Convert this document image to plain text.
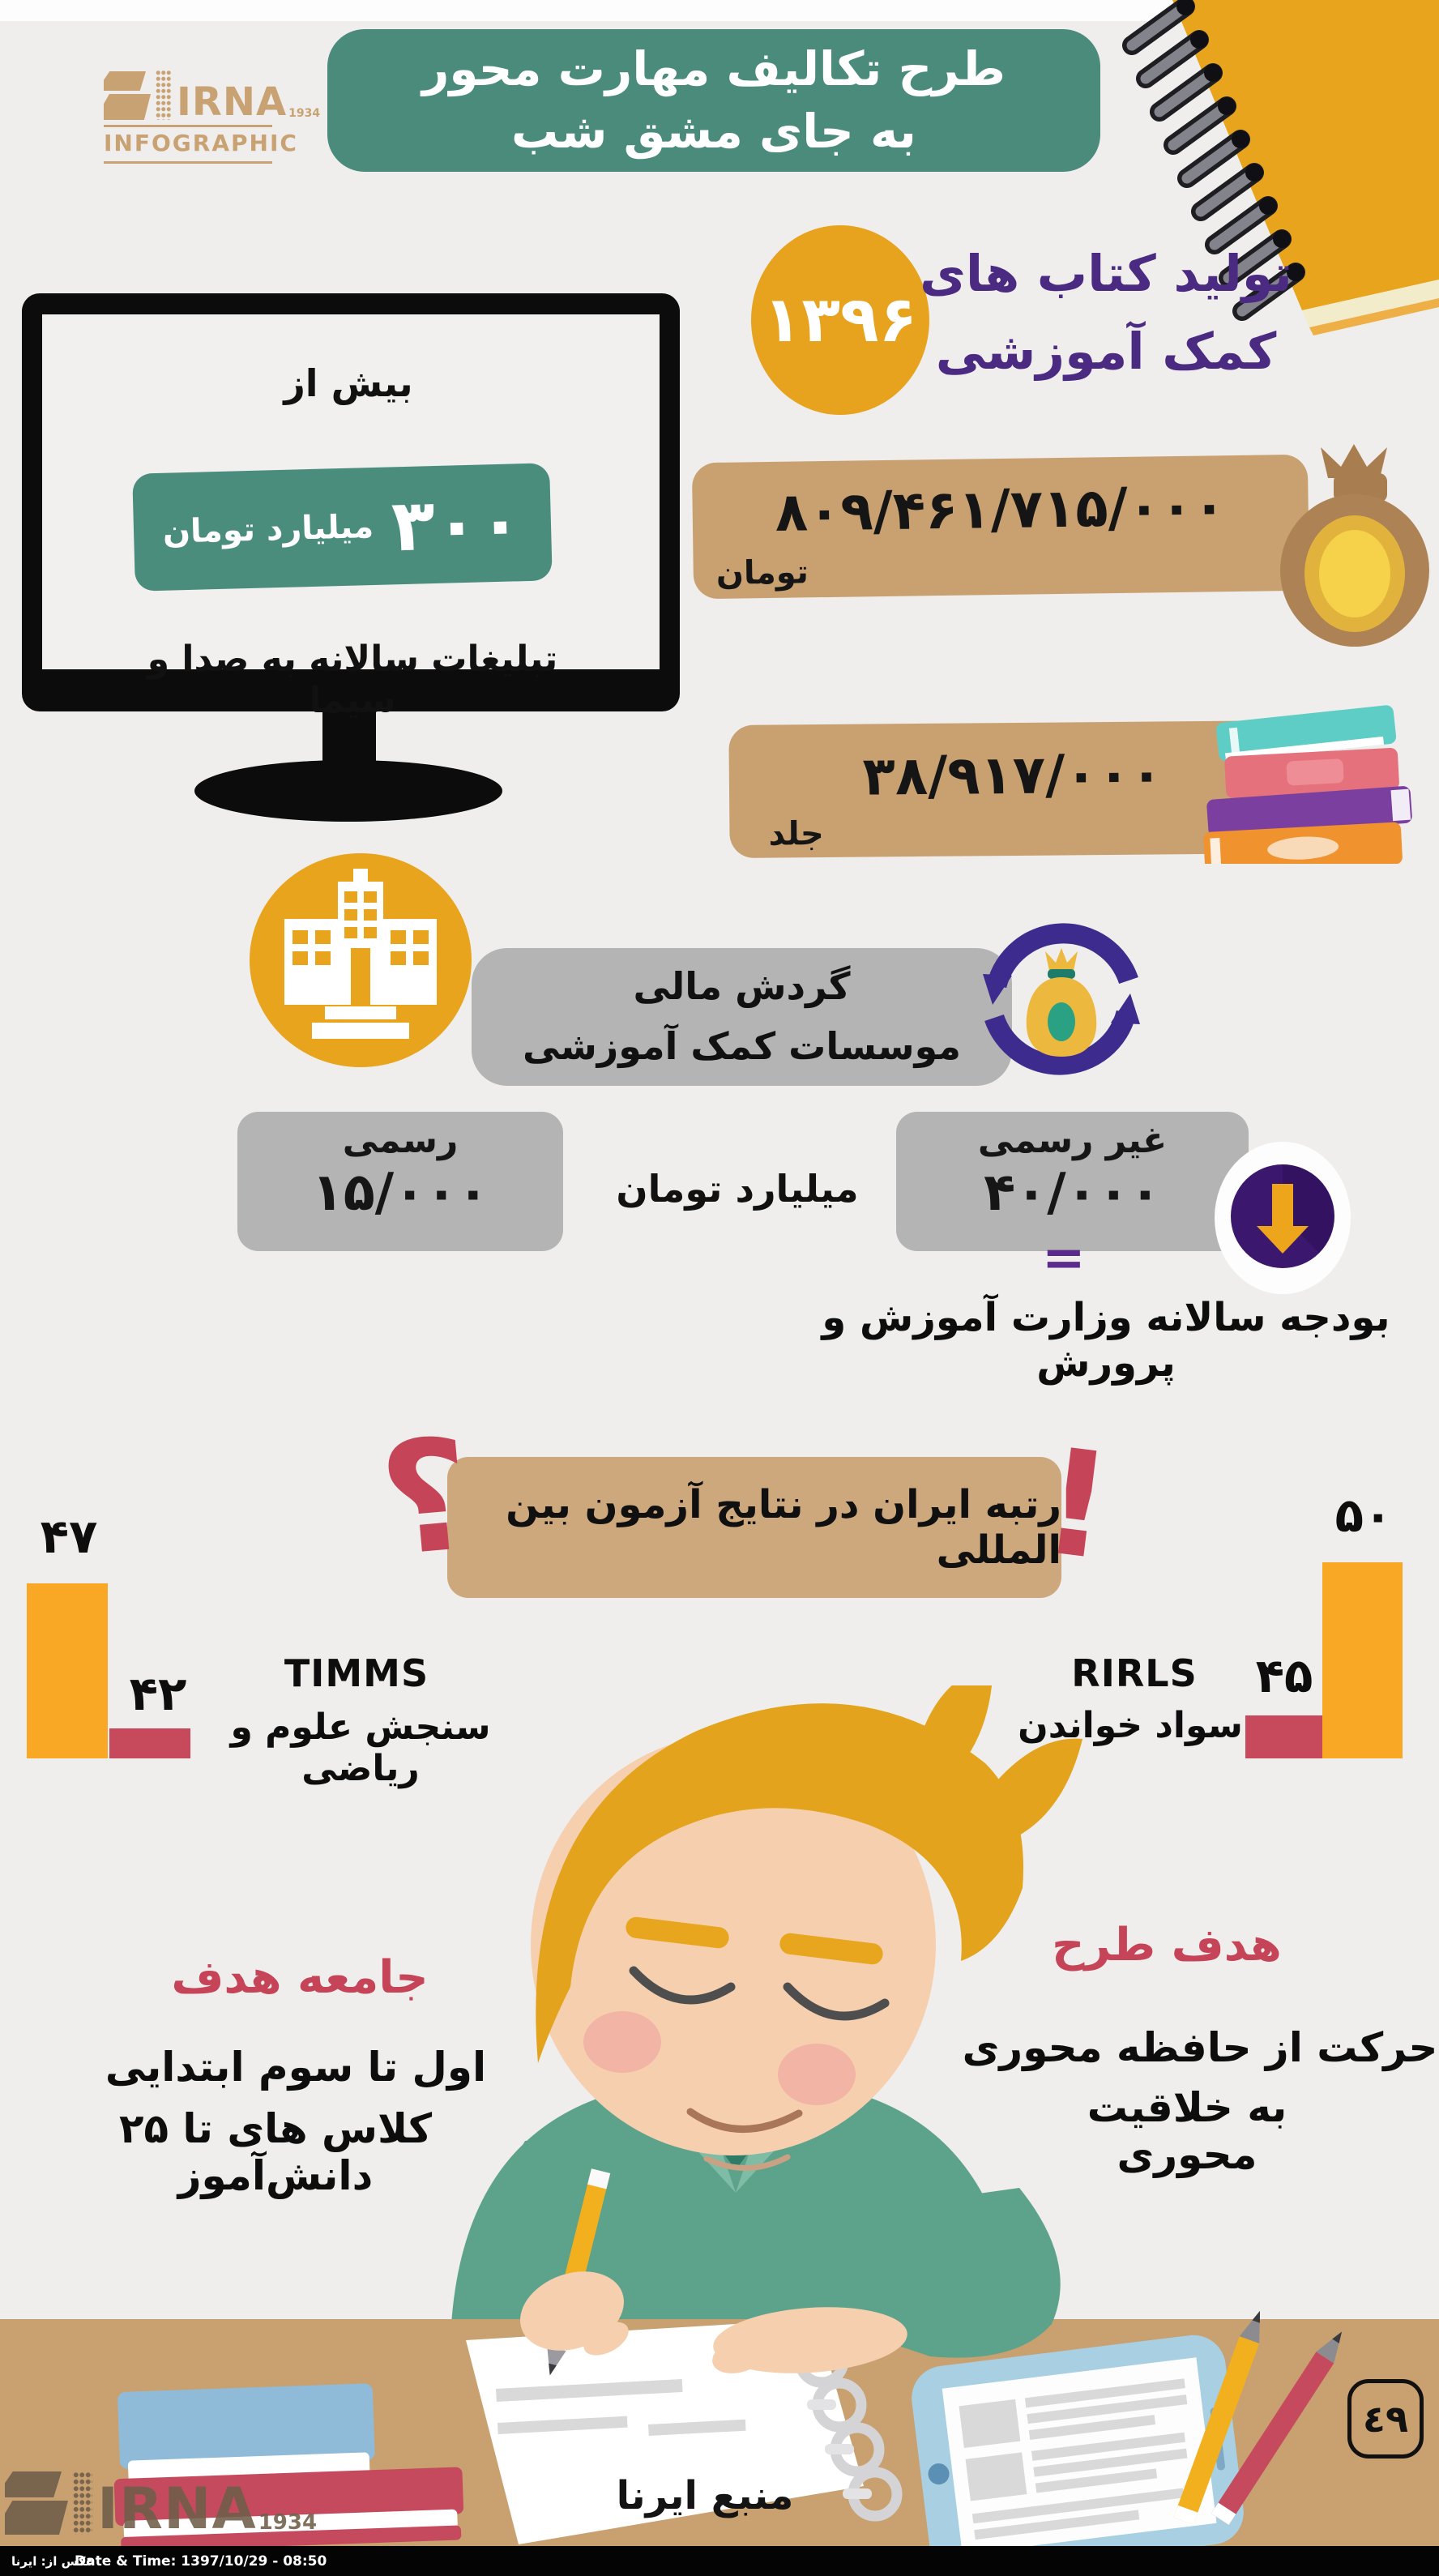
IRNA 1934
INFOGRAPHIC
طرح تکالیف مهارت محور
به جای مشق شب
۱۳۹۶
تولید کتاب های
کمک آموزشی
بیش از
۳۰۰
میلیارد تومان
تبلیغات سالانه به صدا و سیما
۸۰۹/۴۶۱/۷۱۵/۰۰۰
تومان
۳۸/۹۱۷/۰۰۰
جلد
گردش مالی
موسسات کمک آموزشی
رسمی
۱۵/۰۰۰
غیر رسمی
۴۰/۰۰۰
میلیارد تومان
=
بودجه سالانه وزارت آموزش و پرورش
رتبه ایران در نتایج آزمون بین المللی
؟	!
۴۷
۴۲
۵۰
۴۵
TIMMS
سنجش علوم و ریاضی
RIRLS
سواد خواندن
جامعه هدف
اول تا سوم ابتدایی
کلاس های تا ۲۵ دانش‌آموز
هدف طرح
حرکت از حافظه محوری
به خلاقیت محوری
منبع ایرنا
٤٩
IRNA 1934
عکس از: ایرنا
Date & Time: 1397/10/29 - 08:50
